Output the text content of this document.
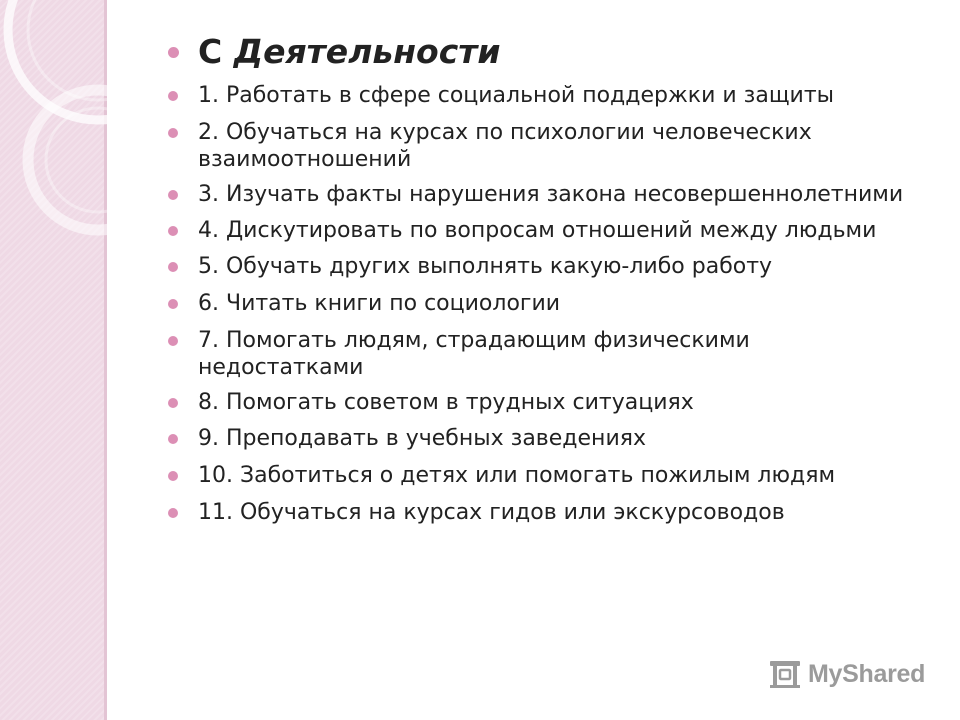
С Деятельности
1. Работать в сфере социальной поддержки и защиты
2. Обучаться на курсах по психологии человеческих взаимоотношений
3. Изучать факты нарушения закона несовершеннолетними
4. Дискутировать по вопросам отношений между людьми
5. Обучать других выполнять какую-либо работу
6. Читать книги по социологии
7. Помогать людям, страдающим физическими недостатками
8. Помогать советом в трудных ситуациях
9. Преподавать в учебных заведениях
10. Заботиться о детях или помогать пожилым людям
11. Обучаться на курсах гидов или экскурсоводов
MyShared
